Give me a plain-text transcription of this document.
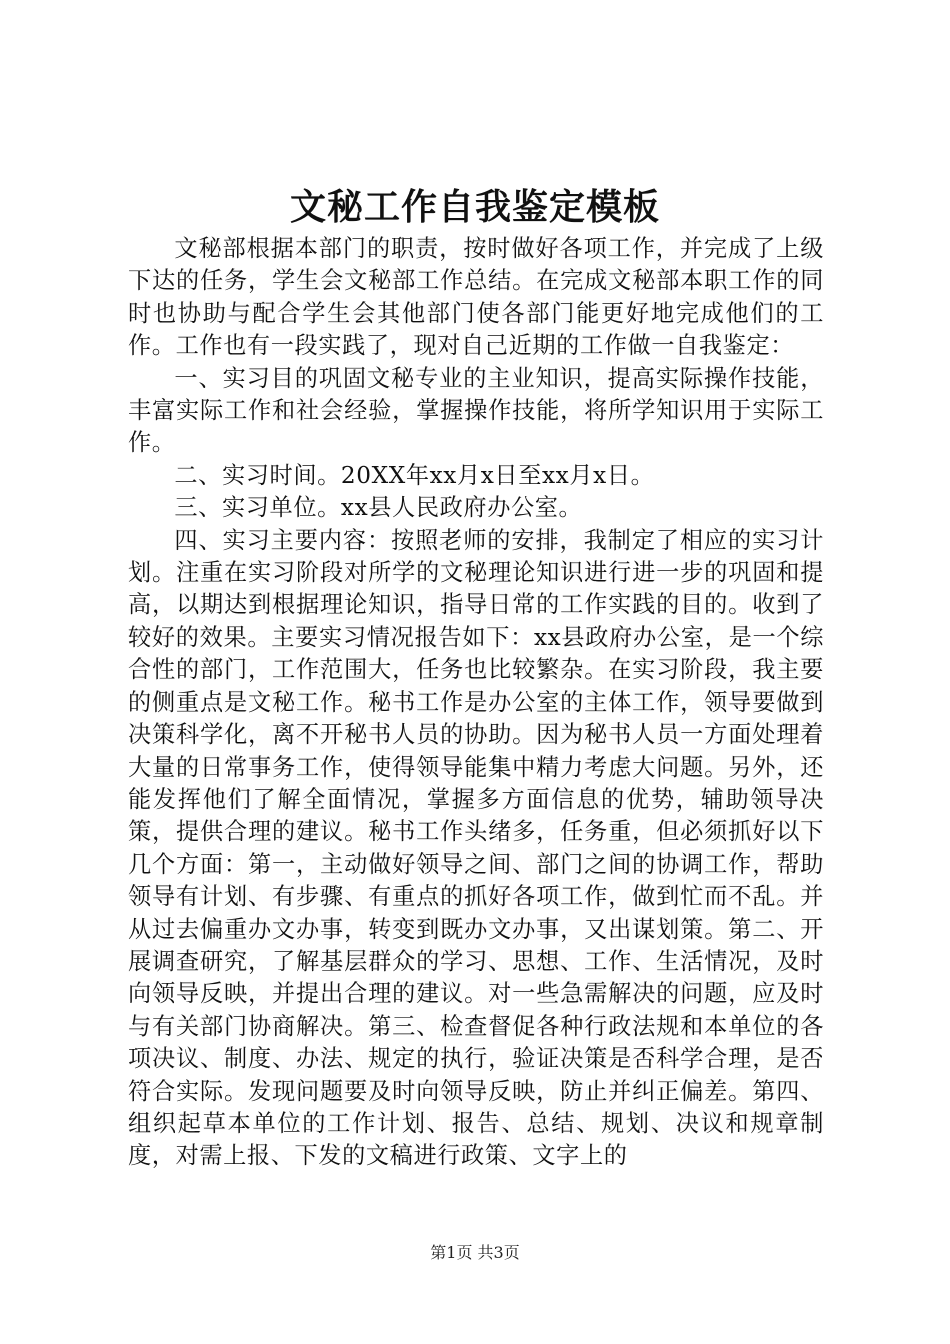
文秘工作自我鉴定模板

文秘部根据本部门的职责，按时做好各项工作，并完成了上级下达的任务，学生会文秘部工作总结。在完成文秘部本职工作的同时也协助与配合学生会其他部门使各部门能更好地完成他们的工作。工作也有一段实践了，现对自己近期的工作做一自我鉴定：

一、实习目的巩固文秘专业的主业知识，提高实际操作技能，丰富实际工作和社会经验，掌握操作技能，将所学知识用于实际工作。

二、实习时间。20XX年xx月x日至xx月x日。

三、实习单位。xx县人民政府办公室。

四、实习主要内容：按照老师的安排，我制定了相应的实习计划。注重在实习阶段对所学的文秘理论知识进行进一步的巩固和提高，以期达到根据理论知识，指导日常的工作实践的目的。收到了较好的效果。主要实习情况报告如下：xx县政府办公室，是一个综合性的部门，工作范围大，任务也比较繁杂。在实习阶段，我主要的侧重点是文秘工作。秘书工作是办公室的主体工作，领导要做到决策科学化，离不开秘书人员的协助。因为秘书人员一方面处理着大量的日常事务工作，使得领导能集中精力考虑大问题。另外，还能发挥他们了解全面情况，掌握多方面信息的优势，辅助领导决策，提供合理的建议。秘书工作头绪多，任务重，但必须抓好以下几个方面：第一，主动做好领导之间、部门之间的协调工作，帮助领导有计划、有步骤、有重点的抓好各项工作，做到忙而不乱。并从过去偏重办文办事，转变到既办文办事，又出谋划策。第二、开展调查研究，了解基层群众的学习、思想、工作、生活情况，及时向领导反映，并提出合理的建议。对一些急需解决的问题，应及时与有关部门协商解决。第三、检查督促各种行政法规和本单位的各项决议、制度、办法、规定的执行，验证决策是否科学合理，是否符合实际。发现问题要及时向领导反映，防止并纠正偏差。第四、组织起草本单位的工作计划、报告、总结、规划、决议和规章制度，对需上报、下发的文稿进行政策、文字上的

第1页 共3页
